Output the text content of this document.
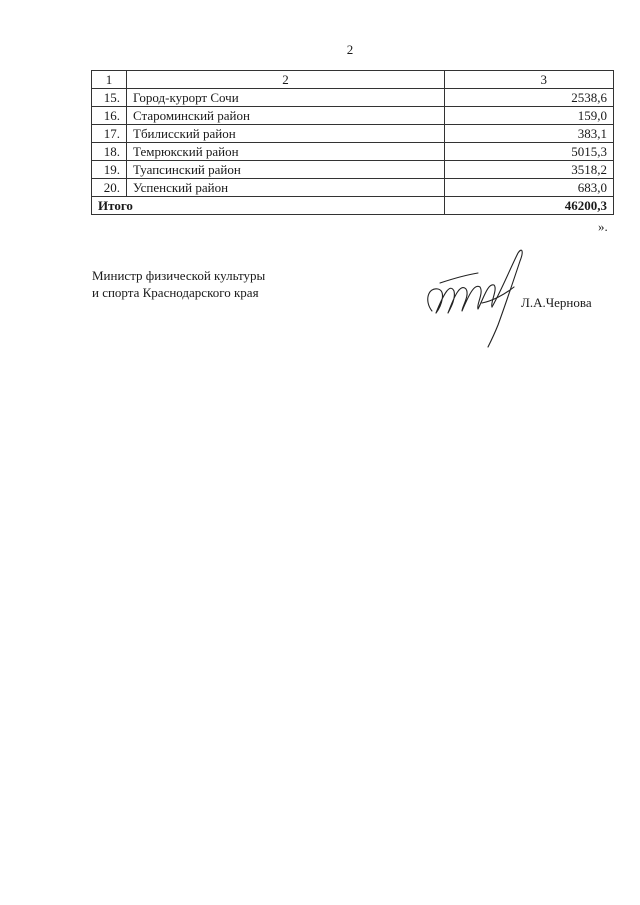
2
1	2	3
15.	Город-курорт Сочи	2538,6
16.	Староминский район	159,0
17.	Тбилисский район	383,1
18.	Темрюкский район	5015,3
19.	Туапсинский район	3518,2
20.	Успенский район	683,0
Итого		46200,3
».
Министр физической культуры
и спорта Краснодарского края
Л.А.Чернова
